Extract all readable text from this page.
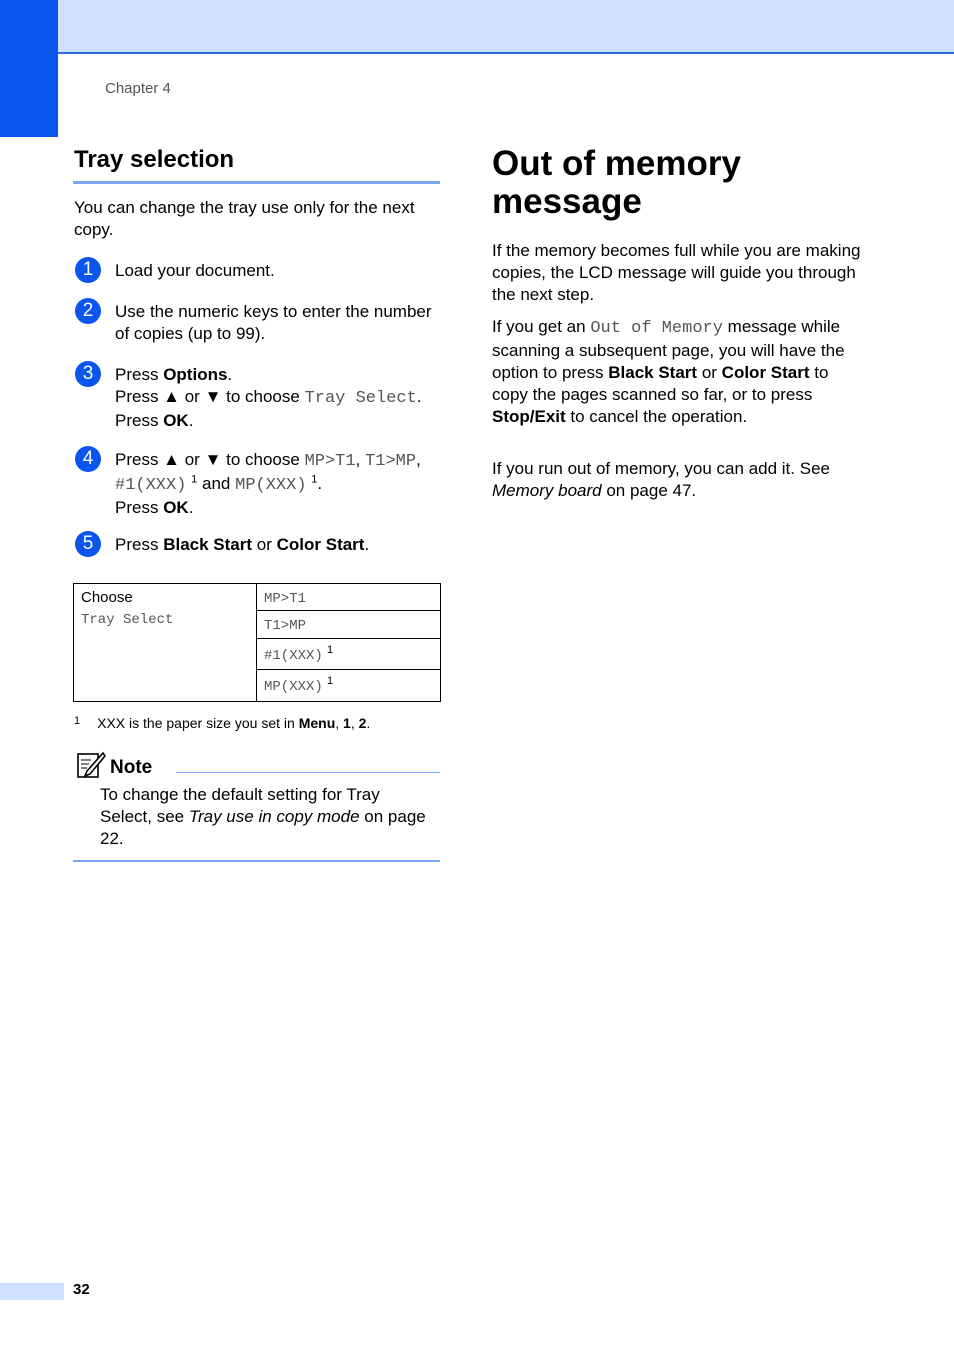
Chapter 4
Tray selection
You can change the tray use only for the next copy.
1	Load your document.
2	Use the numeric keys to enter the number of copies (up to 99).
3	Press Options.
Press ▲ or ▼ to choose Tray Select.
Press OK.
4	Press ▲ or ▼ to choose MP>T1, T1>MP,
#1(XXX) $^1$ and MP(XXX) $^1$.
Press OK.
5	Press Black Start or Color Start.
Choose
Tray Select	MP>T1
T1>MP
#1(XXX) $^1$
MP(XXX) $^1$
$^1$ XXX is the paper size you set in Menu, 1, 2.
Note
To change the default setting for Tray Select, see Tray use in copy mode on page 22.
Out of memory message
If the memory becomes full while you are making copies, the LCD message will guide you through the next step.
If you get an Out of Memory message while scanning a subsequent page, you will have the option to press Black Start or Color Start to copy the pages scanned so far, or to press Stop/Exit to cancel the operation.
If you run out of memory, you can add it. See Memory board on page 47.
32
